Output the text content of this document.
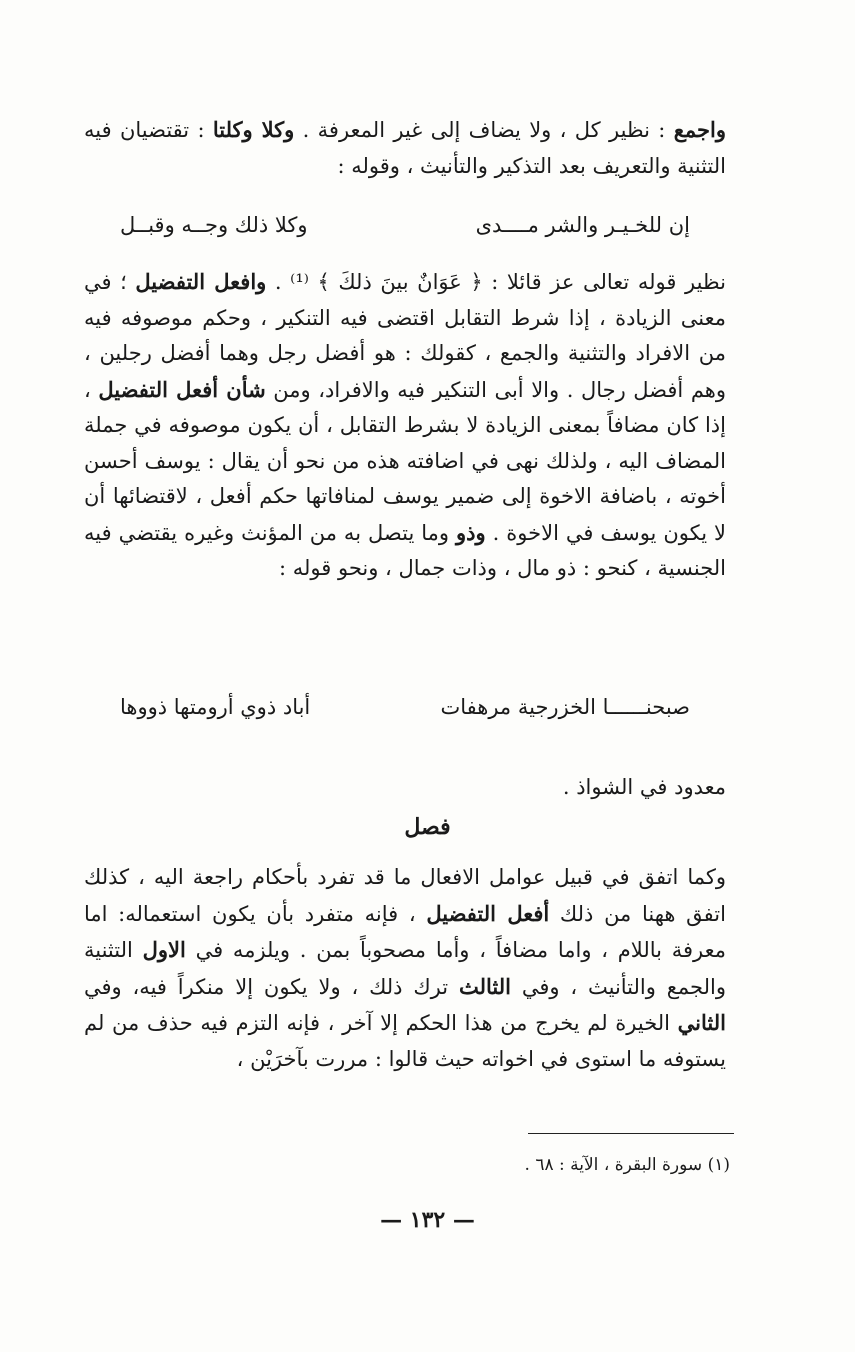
واجمع : نظير كل ، ولا يضاف إلى غير المعرفة . وكلا وكلتا : تقتضيان فيه التثنية والتعريف بعد التذكير والتأنيث ، وقوله :

إن للخـيـر والشر مــــدى
وكلا ذلك وجــه وقبــل

نظير قوله تعالى عز قائلا : ﴿ عَوَانٌ بينَ ذلكَ ﴾ ⁽¹⁾ . وافعل التفضيل ؛ في معنى الزيادة ، إذا شرط التقابل اقتضى فيه التنكير ، وحكم موصوفه فيه من الافراد والتثنية والجمع ، كقولك : هو أفضل رجل وهما أفضل رجلين ، وهم أفضل رجال . والا أبى التنكير فيه والافراد، ومن شأن أفعل التفضيل ، إذا كان مضافاً بمعنى الزيادة لا بشرط التقابل ، أن يكون موصوفه في جملة المضاف اليه ، ولذلك نهى في اضافته هذه من نحو أن يقال : يوسف أحسن أخوته ، باضافة الاخوة إلى ضمير يوسف لمنافاتها حكم أفعل ، لاقتضائها أن لا يكون يوسف في الاخوة . وذو وما يتصل به من المؤنث وغيره يقتضي فيه الجنسية ، كنحو : ذو مال ، وذات جمال ، ونحو قوله :

صبحنــــــا الخزرجية مرهفات
أباد ذوي أرومتها ذووها

معدود في الشواذ .

فصل

وكما اتفق في قبيل عوامل الافعال ما قد تفرد بأحكام راجعة اليه ، كذلك اتفق ههنا من ذلك أفعل التفضيل ، فإنه متفرد بأن يكون استعماله: اما معرفة باللام ، واما مضافاً ، وأما مصحوباً بمن . ويلزمه في الاول التثنية والجمع والتأنيث ، وفي الثالث ترك ذلك ، ولا يكون إلا منكراً فيه، وفي الثاني الخيرة لم يخرج من هذا الحكم إلا آخر ، فإنه التزم فيه حذف من لم يستوفه ما استوى في اخواته حيث قالوا : مررت بآخرَيْن ،

(١) سورة البقرة ، الآية : ٦٨ .
— ١٣٢ —
